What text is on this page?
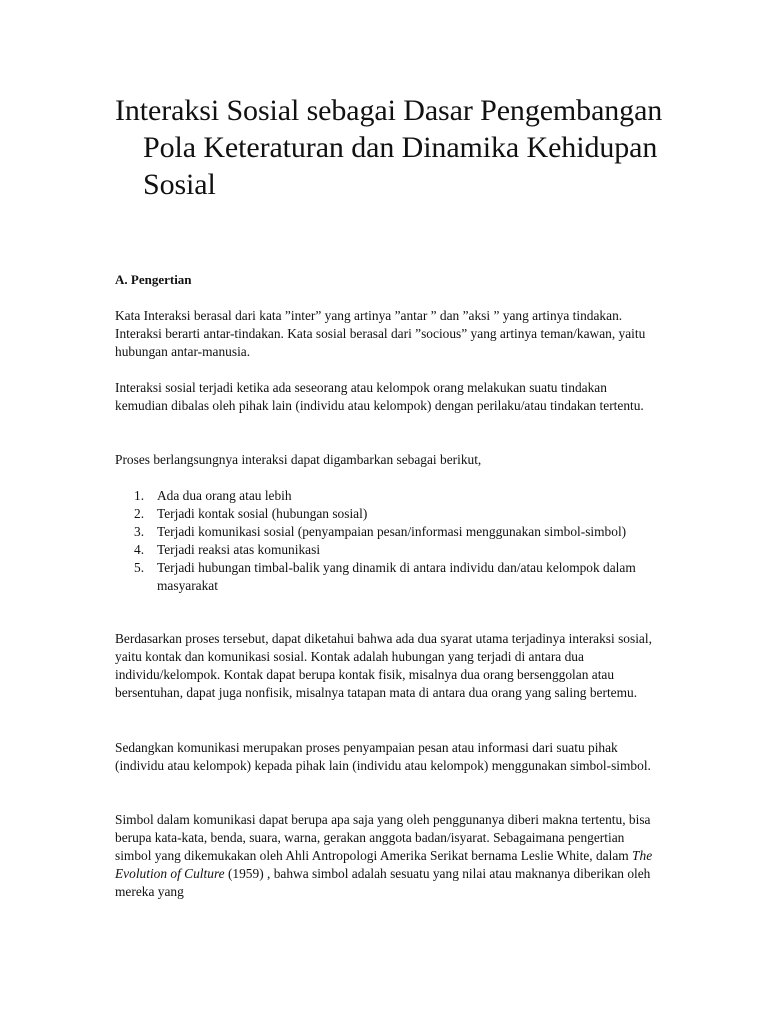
Interaksi Sosial sebagai Dasar Pengembangan Pola Keteraturan dan Dinamika Kehidupan Sosial
A. Pengertian

Kata Interaksi berasal dari kata ”inter” yang artinya ”antar ” dan ”aksi ” yang artinya tindakan. Interaksi berarti antar-tindakan. Kata sosial berasal dari ”socious” yang artinya teman/kawan, yaitu hubungan antar-manusia.

Interaksi sosial terjadi ketika ada seseorang atau kelompok orang melakukan suatu tindakan kemudian dibalas oleh pihak lain (individu atau kelompok) dengan perilaku/atau tindakan tertentu.

Proses berlangsungnya interaksi dapat digambarkan sebagai berikut,

1. Ada dua orang atau lebih
2. Terjadi kontak sosial (hubungan sosial)
3. Terjadi komunikasi sosial (penyampaian pesan/informasi menggunakan simbol-simbol)
4. Terjadi reaksi atas komunikasi
5. Terjadi hubungan timbal-balik yang dinamik di antara individu dan/atau kelompok dalam masyarakat

Berdasarkan proses tersebut, dapat diketahui bahwa ada dua syarat utama terjadinya interaksi sosial, yaitu kontak dan komunikasi sosial. Kontak adalah hubungan yang terjadi di antara dua individu/kelompok. Kontak dapat berupa kontak fisik, misalnya dua orang bersenggolan atau bersentuhan, dapat juga nonfisik, misalnya tatapan mata di antara dua orang yang saling bertemu.

Sedangkan komunikasi merupakan proses penyampaian pesan atau informasi dari suatu pihak (individu atau kelompok) kepada pihak lain (individu atau kelompok) menggunakan simbol-simbol.

Simbol dalam komunikasi dapat berupa apa saja yang oleh penggunanya diberi makna tertentu, bisa berupa kata-kata, benda, suara, warna, gerakan anggota badan/isyarat. Sebagaimana pengertian simbol yang dikemukakan oleh Ahli Antropologi Amerika Serikat bernama Leslie White, dalam The Evolution of Culture (1959) , bahwa simbol adalah sesuatu yang nilai atau maknanya diberikan oleh mereka yang
